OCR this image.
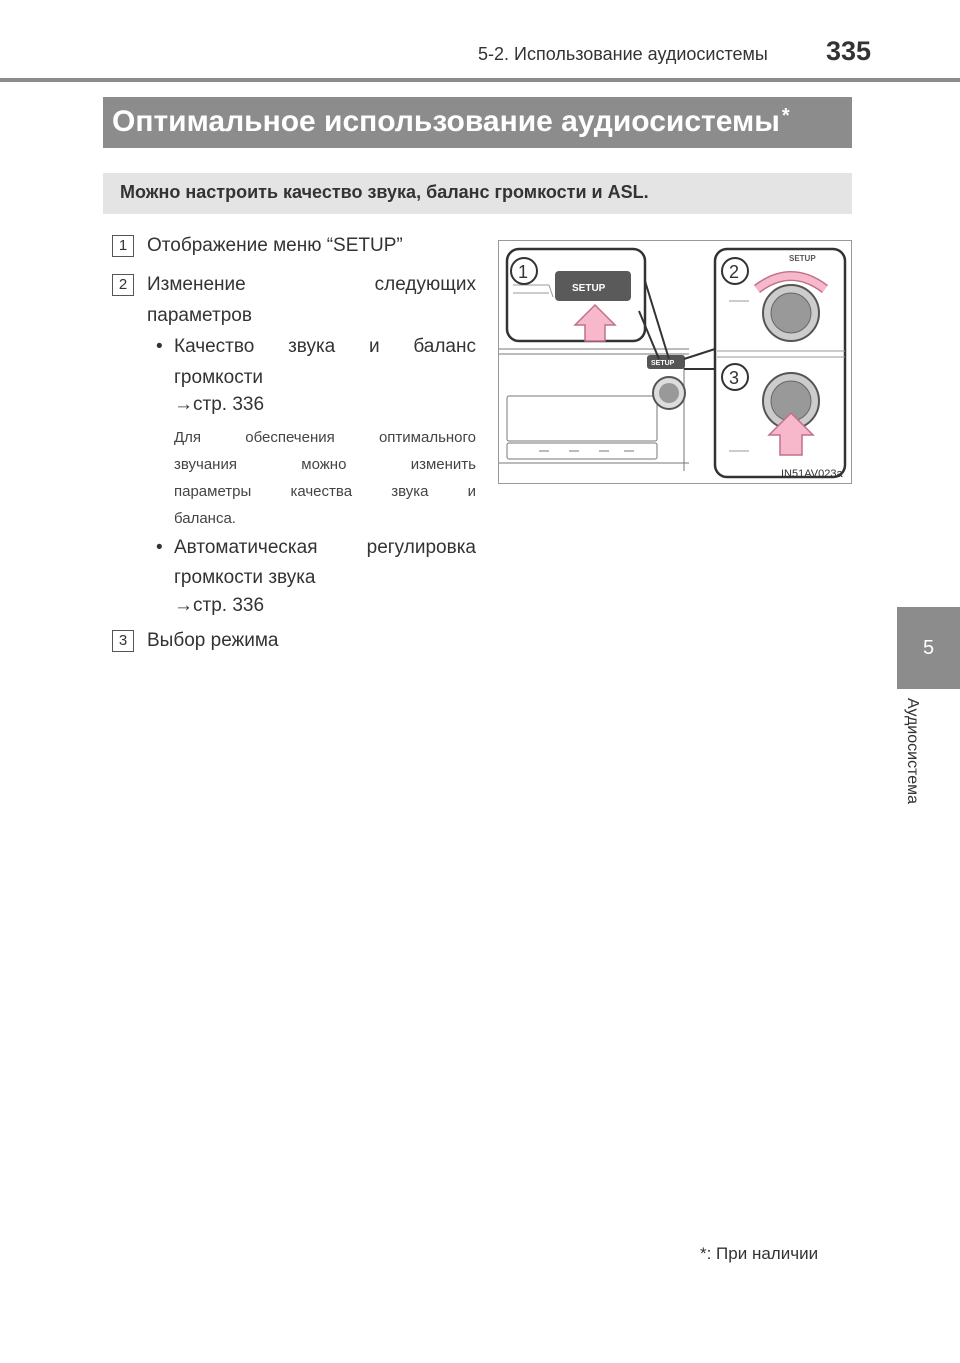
5-2. Использование аудиосистемы 335
5
Аудиосистема
Оптимальное использование аудиосистемы *
Можно настроить качество звука, баланс громкости и ASL.
1	Отображение меню “SETUP”
2	Изменение следующих
параметров
• Качество звука и баланс
громкости
→стр. 336
Для обеспечения оптимального
звучания можно изменить
параметры качества звука и
баланса.
• Автоматическая регулировка
громкости звука
→стр. 336
3	Выбор режима
SETUP
SETUP
1
SETUP
2
3
IN51AV023a
*: При наличии
